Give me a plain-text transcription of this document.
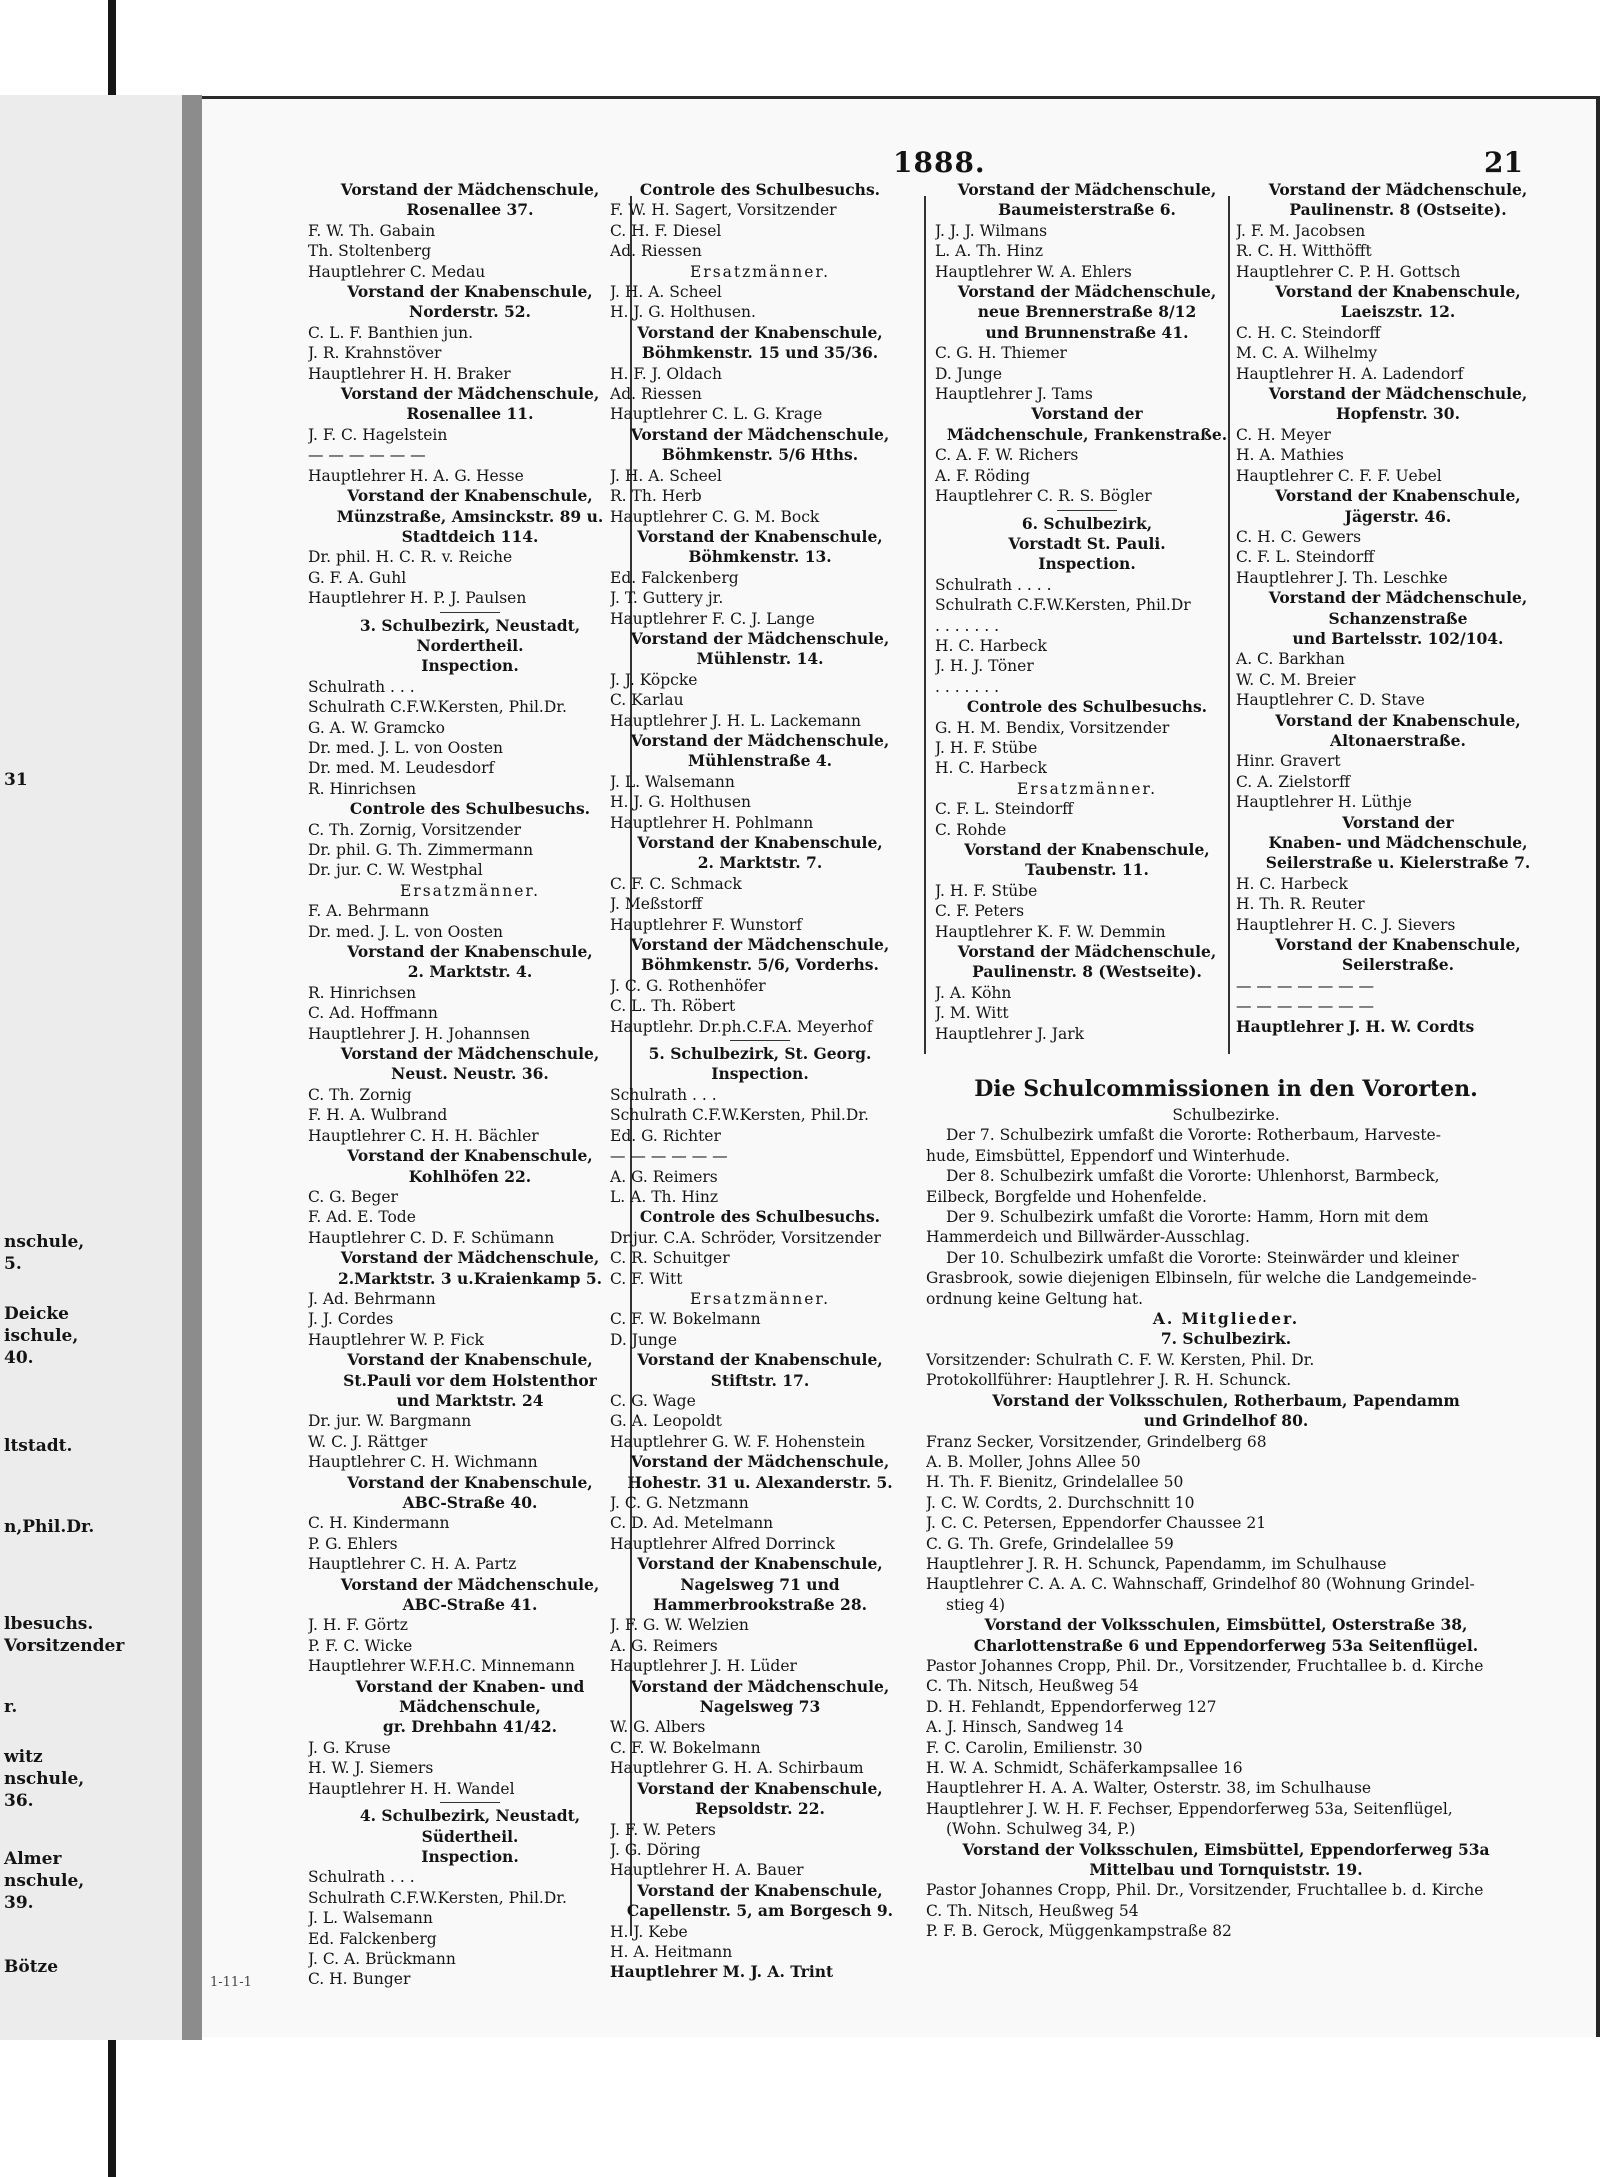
31
nschule,
5.
Deicke
ischule,
40.
ltstadt.
n,Phil.Dr.
lbesuchs.
Vorsitzender
r.
witz
nschule,
36.
Almer
nschule,
39.
Bötze
1888.	21
Vorstand der Mädchenschule,
Rosenallee 37.
F. W. Th. Gabain
Th. Stoltenberg
Hauptlehrer C. Medau
Vorstand der Knabenschule,
Norderstr. 52.
C. L. F. Banthien jun.
J. R. Krahnstöver
Hauptlehrer H. H. Braker
Vorstand der Mädchenschule,
Rosenallee 11.
J. F. C. Hagelstein
— — — — — —
Hauptlehrer H. A. G. Hesse
Vorstand der Knabenschule,
Münzstraße, Amsinckstr. 89 u.
Stadtdeich 114.
Dr. phil. H. C. R. v. Reiche
G. F. A. Guhl
Hauptlehrer H. P. J. Paulsen
3. Schulbezirk, Neustadt,
Nordertheil.
Inspection.
Schulrath . . .
Schulrath C.F.W.Kersten, Phil.Dr.
G. A. W. Gramcko
Dr. med. J. L. von Oosten
Dr. med. M. Leudesdorf
R. Hinrichsen
Controle des Schulbesuchs.
C. Th. Zornig, Vorsitzender
Dr. phil. G. Th. Zimmermann
Dr. jur. C. W. Westphal
Ersatzmänner.
F. A. Behrmann
Dr. med. J. L. von Oosten
Vorstand der Knabenschule,
2. Marktstr. 4.
R. Hinrichsen
C. Ad. Hoffmann
Hauptlehrer J. H. Johannsen
Vorstand der Mädchenschule,
Neust. Neustr. 36.
C. Th. Zornig
F. H. A. Wulbrand
Hauptlehrer C. H. H. Bächler
Vorstand der Knabenschule,
Kohlhöfen 22.
C. G. Beger
F. Ad. E. Tode
Hauptlehrer C. D. F. Schümann
Vorstand der Mädchenschule,
2.Marktstr. 3 u.Kraienkamp 5.
J. Ad. Behrmann
J. J. Cordes
Hauptlehrer W. P. Fick
Vorstand der Knabenschule,
St.Pauli vor dem Holstenthor
und Marktstr. 24
Dr. jur. W. Bargmann
W. C. J. Rättger
Hauptlehrer C. H. Wichmann
Vorstand der Knabenschule,
ABC-Straße 40.
C. H. Kindermann
P. G. Ehlers
Hauptlehrer C. H. A. Partz
Vorstand der Mädchenschule,
ABC-Straße 41.
J. H. F. Görtz
P. F. C. Wicke
Hauptlehrer W.F.H.C. Minnemann
Vorstand der Knaben- und
Mädchenschule,
gr. Drehbahn 41/42.
J. G. Kruse
H. W. J. Siemers
Hauptlehrer H. H. Wandel
4. Schulbezirk, Neustadt,
Südertheil.
Inspection.
Schulrath . . .
Schulrath C.F.W.Kersten, Phil.Dr.
J. L. Walsemann
Ed. Falckenberg
J. C. A. Brückmann
C. H. Bunger
Controle des Schulbesuchs.
F. W. H. Sagert, Vorsitzender
C. H. F. Diesel
Ad. Riessen
Ersatzmänner.
J. H. A. Scheel
H. J. G. Holthusen.
Vorstand der Knabenschule,
Böhmkenstr. 15 und 35/36.
H. F. J. Oldach
Ad. Riessen
Hauptlehrer C. L. G. Krage
Vorstand der Mädchenschule,
Böhmkenstr. 5/6 Hths.
J. H. A. Scheel
R. Th. Herb
Hauptlehrer C. G. M. Bock
Vorstand der Knabenschule,
Böhmkenstr. 13.
Ed. Falckenberg
J. T. Guttery jr.
Hauptlehrer F. C. J. Lange
Vorstand der Mädchenschule,
Mühlenstr. 14.
J. J. Köpcke
C. Karlau
Hauptlehrer J. H. L. Lackemann
Vorstand der Mädchenschule,
Mühlenstraße 4.
J. L. Walsemann
H. J. G. Holthusen
Hauptlehrer H. Pohlmann
Vorstand der Knabenschule,
2. Marktstr. 7.
C. F. C. Schmack
J. Meßstorff
Hauptlehrer F. Wunstorf
Vorstand der Mädchenschule,
Böhmkenstr. 5/6, Vorderhs.
J. C. G. Rothenhöfer
C. L. Th. Röbert
Hauptlehr. Dr.ph.C.F.A. Meyerhof
5. Schulbezirk, St. Georg.
Inspection.
Schulrath . . .
Schulrath C.F.W.Kersten, Phil.Dr.
Ed. G. Richter
— — — — — —
A. G. Reimers
L. A. Th. Hinz
Controle des Schulbesuchs.
Dr.jur. C.A. Schröder, Vorsitzender
C. R. Schuitger
C. F. Witt
Ersatzmänner.
C. F. W. Bokelmann
D. Junge
Vorstand der Knabenschule,
Stiftstr. 17.
C. G. Wage
G. A. Leopoldt
Hauptlehrer G. W. F. Hohenstein
Vorstand der Mädchenschule,
Hohestr. 31 u. Alexanderstr. 5.
J. C. G. Netzmann
C. D. Ad. Metelmann
Hauptlehrer Alfred Dorrinck
Vorstand der Knabenschule,
Nagelsweg 71 und
Hammerbrookstraße 28.
J. F. G. W. Welzien
A. G. Reimers
Hauptlehrer J. H. Lüder
Vorstand der Mädchenschule,
Nagelsweg 73
W. G. Albers
C. F. W. Bokelmann
Hauptlehrer G. H. A. Schirbaum
Vorstand der Knabenschule,
Repsoldstr. 22.
J. F. W. Peters
J. G. Döring
Hauptlehrer H. A. Bauer
Vorstand der Knabenschule,
Capellenstr. 5, am Borgesch 9.
H. J. Kebe
H. A. Heitmann
Hauptlehrer M. J. A. Trint
Vorstand der Mädchenschule,
Baumeisterstraße 6.
J. J. J. Wilmans
L. A. Th. Hinz
Hauptlehrer W. A. Ehlers
Vorstand der Mädchenschule,
neue Brennerstraße 8/12
und Brunnenstraße 41.
C. G. H. Thiemer
D. Junge
Hauptlehrer J. Tams
Vorstand der
Mädchenschule, Frankenstraße.
C. A. F. W. Richers
A. F. Röding
Hauptlehrer C. R. S. Bögler
6. Schulbezirk,
Vorstadt St. Pauli.
Inspection.
Schulrath . . . .
Schulrath C.F.W.Kersten, Phil.Dr
. . . . . . .
H. C. Harbeck
J. H. J. Töner
. . . . . . .
Controle des Schulbesuchs.
G. H. M. Bendix, Vorsitzender
J. H. F. Stübe
H. C. Harbeck
Ersatzmänner.
C. F. L. Steindorff
C. Rohde
Vorstand der Knabenschule,
Taubenstr. 11.
J. H. F. Stübe
C. F. Peters
Hauptlehrer K. F. W. Demmin
Vorstand der Mädchenschule,
Paulinenstr. 8 (Westseite).
J. A. Köhn
J. M. Witt
Hauptlehrer J. Jark
Vorstand der Mädchenschule,
Paulinenstr. 8 (Ostseite).
J. F. M. Jacobsen
R. C. H. Witthöfft
Hauptlehrer C. P. H. Gottsch
Vorstand der Knabenschule,
Laeiszstr. 12.
C. H. C. Steindorff
M. C. A. Wilhelmy
Hauptlehrer H. A. Ladendorf
Vorstand der Mädchenschule,
Hopfenstr. 30.
C. H. Meyer
H. A. Mathies
Hauptlehrer C. F. F. Uebel
Vorstand der Knabenschule,
Jägerstr. 46.
C. H. C. Gewers
C. F. L. Steindorff
Hauptlehrer J. Th. Leschke
Vorstand der Mädchenschule,
Schanzenstraße
und Bartelsstr. 102/104.
A. C. Barkhan
W. C. M. Breier
Hauptlehrer C. D. Stave
Vorstand der Knabenschule,
Altonaerstraße.
Hinr. Gravert
C. A. Zielstorff
Hauptlehrer H. Lüthje
Vorstand der
Knaben- und Mädchenschule,
Seilerstraße u. Kielerstraße 7.
H. C. Harbeck
H. Th. R. Reuter
Hauptlehrer H. C. J. Sievers
Vorstand der Knabenschule,
Seilerstraße.
— — — — — — —
— — — — — — —
Hauptlehrer J. H. W. Cordts
Die Schulcommissionen in den Vororten.
Schulbezirke.
Der 7. Schulbezirk umfaßt die Vororte: Rotherbaum, Harveste-
hude, Eimsbüttel, Eppendorf und Winterhude.
Der 8. Schulbezirk umfaßt die Vororte: Uhlenhorst, Barmbeck,
Eilbeck, Borgfelde und Hohenfelde.
Der 9. Schulbezirk umfaßt die Vororte: Hamm, Horn mit dem
Hammerdeich und Billwärder-Ausschlag.
Der 10. Schulbezirk umfaßt die Vororte: Steinwärder und kleiner
Grasbrook, sowie diejenigen Elbinseln, für welche die Landgemeinde-
ordnung keine Geltung hat.
A. Mitglieder.
7. Schulbezirk.
Vorsitzender: Schulrath C. F. W. Kersten, Phil. Dr.
Protokollführer: Hauptlehrer J. R. H. Schunck.
Vorstand der Volksschulen, Rotherbaum, Papendamm
und Grindelhof 80.
Franz Secker, Vorsitzender, Grindelberg 68
A. B. Moller, Johns Allee 50
H. Th. F. Bienitz, Grindelallee 50
J. C. W. Cordts, 2. Durchschnitt 10
J. C. C. Petersen, Eppendorfer Chaussee 21
C. G. Th. Grefe, Grindelallee 59
Hauptlehrer J. R. H. Schunck, Papendamm, im Schulhause
Hauptlehrer C. A. A. C. Wahnschaff, Grindelhof 80 (Wohnung Grindel-
stieg 4)
Vorstand der Volksschulen, Eimsbüttel, Osterstraße 38,
Charlottenstraße 6 und Eppendorferweg 53a Seitenflügel.
Pastor Johannes Cropp, Phil. Dr., Vorsitzender, Fruchtallee b. d. Kirche
C. Th. Nitsch, Heußweg 54
D. H. Fehlandt, Eppendorferweg 127
A. J. Hinsch, Sandweg 14
F. C. Carolin, Emilienstr. 30
H. W. A. Schmidt, Schäferkampsallee 16
Hauptlehrer H. A. A. Walter, Osterstr. 38, im Schulhause
Hauptlehrer J. W. H. F. Fechser, Eppendorferweg 53a, Seitenflügel,
(Wohn. Schulweg 34, P.)
Vorstand der Volksschulen, Eimsbüttel, Eppendorferweg 53a
Mittelbau und Tornquiststr. 19.
Pastor Johannes Cropp, Phil. Dr., Vorsitzender, Fruchtallee b. d. Kirche
C. Th. Nitsch, Heußweg 54
P. F. B. Gerock, Müggenkampstraße 82
1-11-1
